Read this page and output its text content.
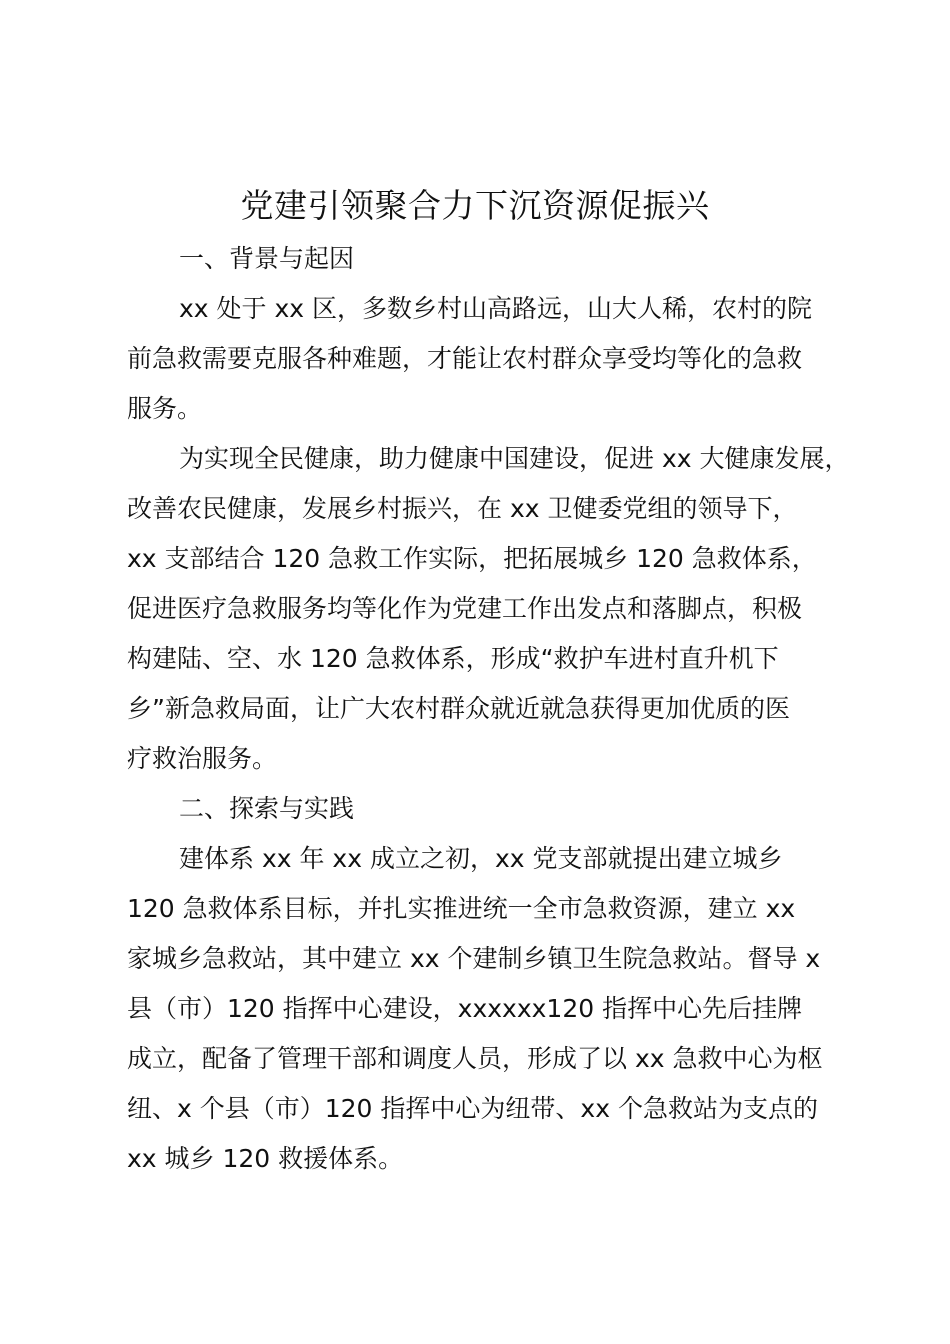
党建引领聚合力下沉资源促振兴
一、背景与起因
xx 处于 xx 区，多数乡村山高路远，山大人稀，农村的院
前急救需要克服各种难题，才能让农村群众享受均等化的急救
服务。
为实现全民健康，助力健康中国建设，促进 xx 大健康发展，
改善农民健康，发展乡村振兴，在 xx 卫健委党组的领导下，
xx 支部结合 120 急救工作实际，把拓展城乡 120 急救体系，
促进医疗急救服务均等化作为党建工作出发点和落脚点，积极
构建陆、空、水 120 急救体系，形成“救护车进村直升机下
乡”新急救局面，让广大农村群众就近就急获得更加优质的医
疗救治服务。
二、探索与实践
建体系 xx 年 xx 成立之初，xx 党支部就提出建立城乡
120 急救体系目标，并扎实推进统一全市急救资源，建立 xx
家城乡急救站，其中建立 xx 个建制乡镇卫生院急救站。督导 x
县（市）120 指挥中心建设，xxxxxx120 指挥中心先后挂牌
成立，配备了管理干部和调度人员，形成了以 xx 急救中心为枢
纽、x 个县（市）120 指挥中心为纽带、xx 个急救站为支点的
xx 城乡 120 救援体系。
